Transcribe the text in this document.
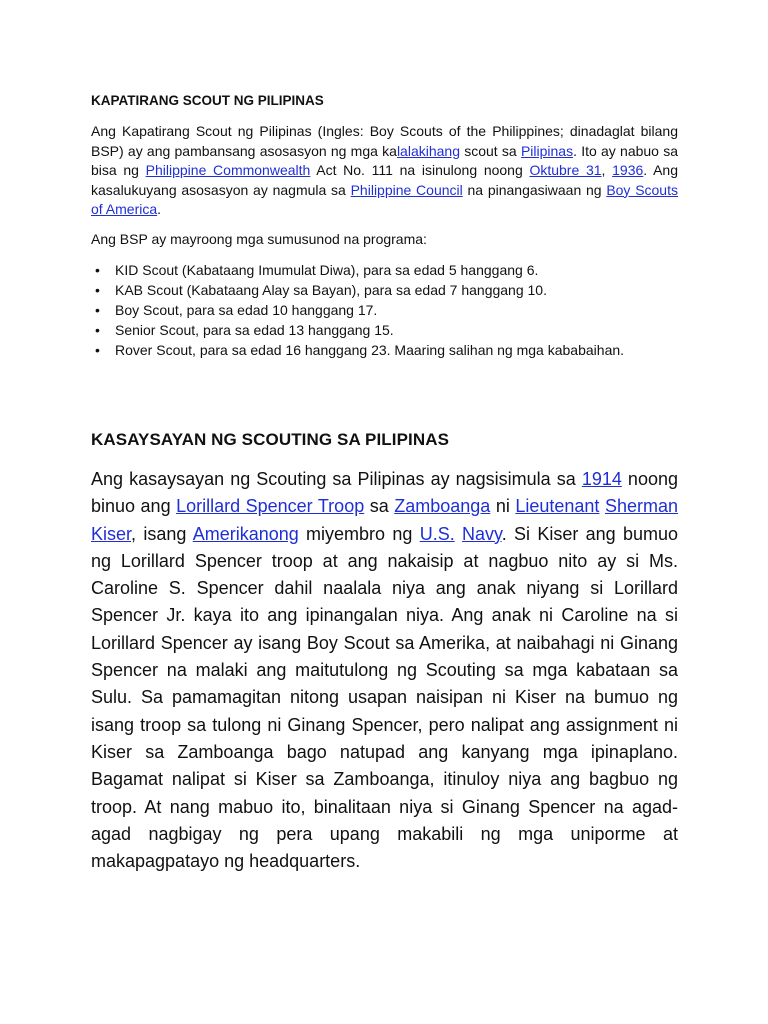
KAPATIRANG SCOUT NG PILIPINAS

Ang Kapatirang Scout ng Pilipinas (Ingles: Boy Scouts of the Philippines; dinadaglat bilang BSP) ay ang pambansang asosasyon ng mga kalalakihang scout sa Pilipinas. Ito ay nabuo sa bisa ng Philippine Commonwealth Act No. 111 na isinulong noong Oktubre 31, 1936. Ang kasalukuyang asosasyon ay nagmula sa Philippine Council na pinangasiwaan ng Boy Scouts of America.

Ang BSP ay mayroong mga sumusunod na programa:

• KID Scout (Kabataang Imumulat Diwa), para sa edad 5 hanggang 6.
• KAB Scout (Kabataang Alay sa Bayan), para sa edad 7 hanggang 10.
• Boy Scout, para sa edad 10 hanggang 17.
• Senior Scout, para sa edad 13 hanggang 15.
• Rover Scout, para sa edad 16 hanggang 23. Maaring salihan ng mga kababaihan.
KASAYSAYAN NG SCOUTING SA PILIPINAS

Ang kasaysayan ng Scouting sa Pilipinas ay nagsisimula sa 1914 noong binuo ang Lorillard Spencer Troop sa Zamboanga ni Lieutenant Sherman Kiser, isang Amerikanong miyembro ng U.S. Navy. Si Kiser ang bumuo ng Lorillard Spencer troop at ang nakaisip at nagbuo nito ay si Ms. Caroline S. Spencer dahil naalala niya ang anak niyang si Lorillard Spencer Jr. kaya ito ang ipinangalan niya. Ang anak ni Caroline na si Lorillard Spencer ay isang Boy Scout sa Amerika, at naibahagi ni Ginang Spencer na malaki ang maitutulong ng Scouting sa mga kabataan sa Sulu. Sa pamamagitan nitong usapan naisipan ni Kiser na bumuo ng isang troop sa tulong ni Ginang Spencer, pero nalipat ang assignment ni Kiser sa Zamboanga bago natupad ang kanyang mga ipinaplano. Bagamat nalipat si Kiser sa Zamboanga, itinuloy niya ang bagbuo ng troop. At nang mabuo ito, binalitaan niya si Ginang Spencer na agad-agad nagbigay ng pera upang makabili ng mga uniporme at makapagpatayo ng headquarters.
